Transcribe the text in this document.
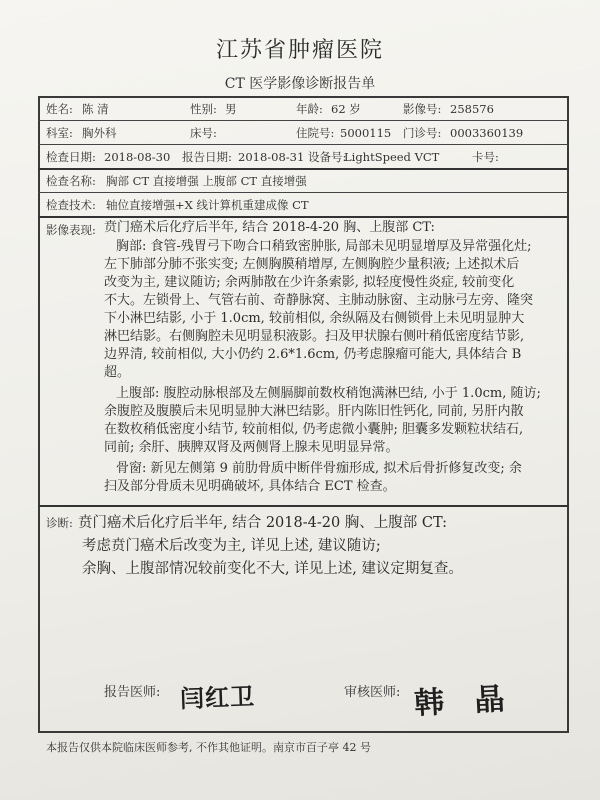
江苏省肿瘤医院
CT 医学影像诊断报告单
姓名: 陈 清	性别: 男	年龄: 62 岁	影像号: 258576
科室: 胸外科	床号:	住院号: 5000115 门诊号: 0003360139
检查日期: 2018-08-30 报告日期: 2018-08-31 设备号:
LightSpeed VCT	卡号:
检查名称: 胸部 CT 直接增强 上腹部 CT 直接增强
检查技术: 轴位直接增强+X 线计算机重建成像 CT
影像表现: 贲门癌术后化疗后半年, 结合 2018-4-20 胸、上腹部 CT:
胸部: 食管-残胃弓下吻合口稍致密肿胀, 局部未见明显增厚及异常强化灶;
左下肺部分肺不张实变; 左侧胸膜稍增厚, 左侧胸腔少量积液; 上述拟术后
改变为主, 建议随访; 余两肺散在少许条索影, 拟轻度慢性炎症, 较前变化
不大。左锁骨上、气管右前、奇静脉窝、主肺动脉窗、主动脉弓左旁、隆突
下小淋巴结影, 小于 1.0cm, 较前相似, 余纵隔及右侧锁骨上未见明显肿大
淋巴结影。右侧胸腔未见明显积液影。扫及甲状腺右侧叶稍低密度结节影,
边界清, 较前相似, 大小仍约 2.6*1.6cm, 仍考虑腺瘤可能大, 具体结合 B
超。
上腹部: 腹腔动脉根部及左侧膈脚前数枚稍饱满淋巴结, 小于 1.0cm, 随访;
余腹腔及腹膜后未见明显肿大淋巴结影。肝内陈旧性钙化, 同前, 另肝内散
在数枚稍低密度小结节, 较前相似, 仍考虑微小囊肿; 胆囊多发颗粒状结石,
同前; 余肝、胰脾双肾及两侧肾上腺未见明显异常。
诊断: 贲门癌术后化疗后半年, 结合 2018-4-20 胸、上腹部 CT:
考虑贲门癌术后改变为主, 详见上述, 建议随访;
余胸、上腹部情况较前变化不大, 详见上述, 建议定期复查。
报告医师: 闫红卫	审核医师: 韩 晶
本报告仅供本院临床医师参考, 不作其他证明。南京市百子亭 42 号
骨窗: 新见左侧第 9 前肋骨质中断伴骨痂形成, 拟术后骨折修复改变; 余
扫及部分骨质未见明确破坏, 具体结合 ECT 检查。
